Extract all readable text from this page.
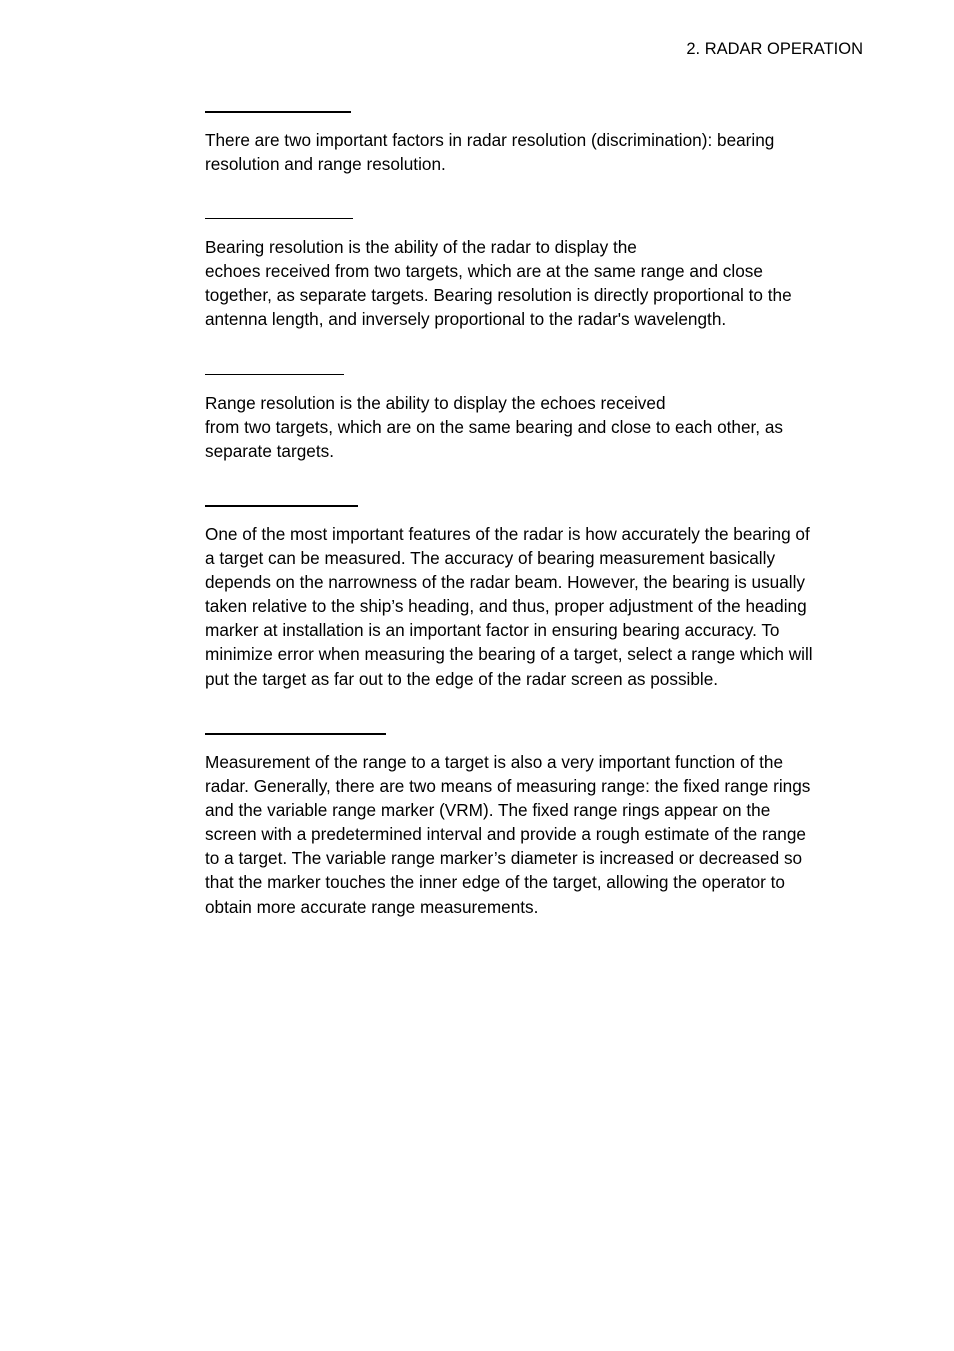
2. RADAR OPERATION

There are two important factors in radar resolution (discrimination): bearing
resolution and range resolution.

Bearing resolution is the ability of the radar to display the
echoes received from two targets, which are at the same range and close
together, as separate targets. Bearing resolution is directly proportional to the
antenna length, and inversely proportional to the radar's wavelength.

Range resolution is the ability to display the echoes received
from two targets, which are on the same bearing and close to each other, as
separate targets.

One of the most important features of the radar is how accurately the bearing of
a target can be measured. The accuracy of bearing measurement basically
depends on the narrowness of the radar beam. However, the bearing is usually
taken relative to the ship’s heading, and thus, proper adjustment of the heading
marker at installation is an important factor in ensuring bearing accuracy. To
minimize error when measuring the bearing of a target, select a range which will
put the target as far out to the edge of the radar screen as possible.

Measurement of the range to a target is also a very important function of the
radar. Generally, there are two means of measuring range: the fixed range rings
and the variable range marker (VRM). The fixed range rings appear on the
screen with a predetermined interval and provide a rough estimate of the range
to a target. The variable range marker’s diameter is increased or decreased so
that the marker touches the inner edge of the target, allowing the operator to
obtain more accurate range measurements.
